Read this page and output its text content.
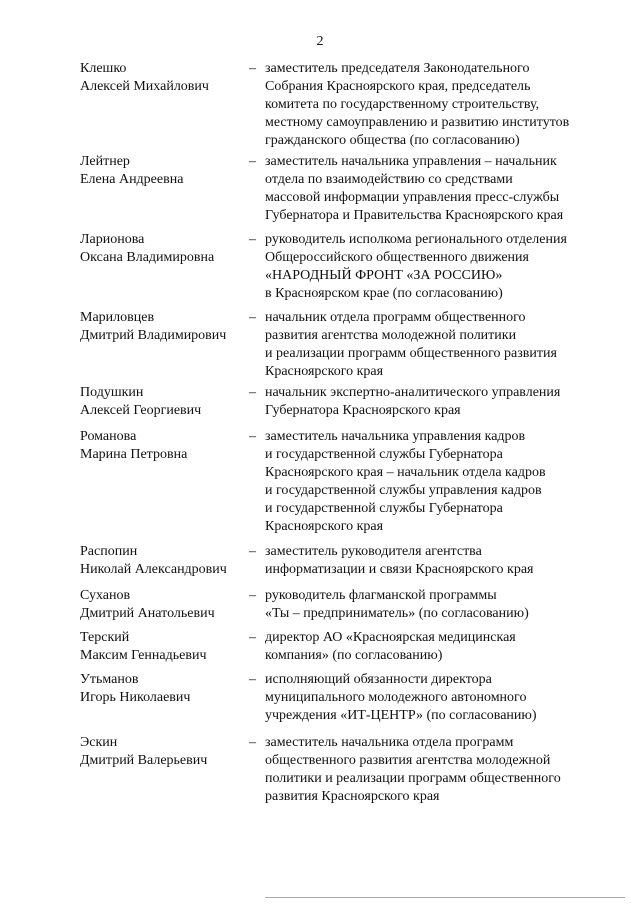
2
Клешко
Алексей Михайлович
– заместитель председателя Законодательного
Собрания Красноярского края, председатель
комитета по государственному строительству,
местному самоуправлению и развитию институтов
гражданского общества (по согласованию)
Лейтнер
Елена Андреевна
– заместитель начальника управления – начальник
отдела по взаимодействию со средствами
массовой информации управления пресс-службы
Губернатора и Правительства Красноярского края
Ларионова
Оксана Владимировна
– руководитель исполкома регионального отделения
Общероссийского общественного движения
«НАРОДНЫЙ ФРОНТ «ЗА РОССИЮ»
в Красноярском крае (по согласованию)
Мариловцев
Дмитрий Владимирович
– начальник отдела программ общественного
развития агентства молодежной политики
и реализации программ общественного развития
Красноярского края
Подушкин
Алексей Георгиевич
– начальник экспертно-аналитического управления
Губернатора Красноярского края
Романова
Марина Петровна
– заместитель начальника управления кадров
и государственной службы Губернатора
Красноярского края – начальник отдела кадров
и государственной службы управления кадров
и государственной службы Губернатора
Красноярского края
Распопин
Николай Александрович
– заместитель руководителя агентства
информатизации и связи Красноярского края
Суханов
Дмитрий Анатольевич
– руководитель флагманской программы
«Ты – предприниматель» (по согласованию)
Терский
Максим Геннадьевич
– директор АО «Красноярская медицинская
компания» (по согласованию)
Утьманов
Игорь Николаевич
– исполняющий обязанности директора
муниципального молодежного автономного
учреждения «ИТ-ЦЕНТР» (по согласованию)
Эскин
Дмитрий Валерьевич
– заместитель начальника отдела программ
общественного развития агентства молодежной
политики и реализации программ общественного
развития Красноярского края
